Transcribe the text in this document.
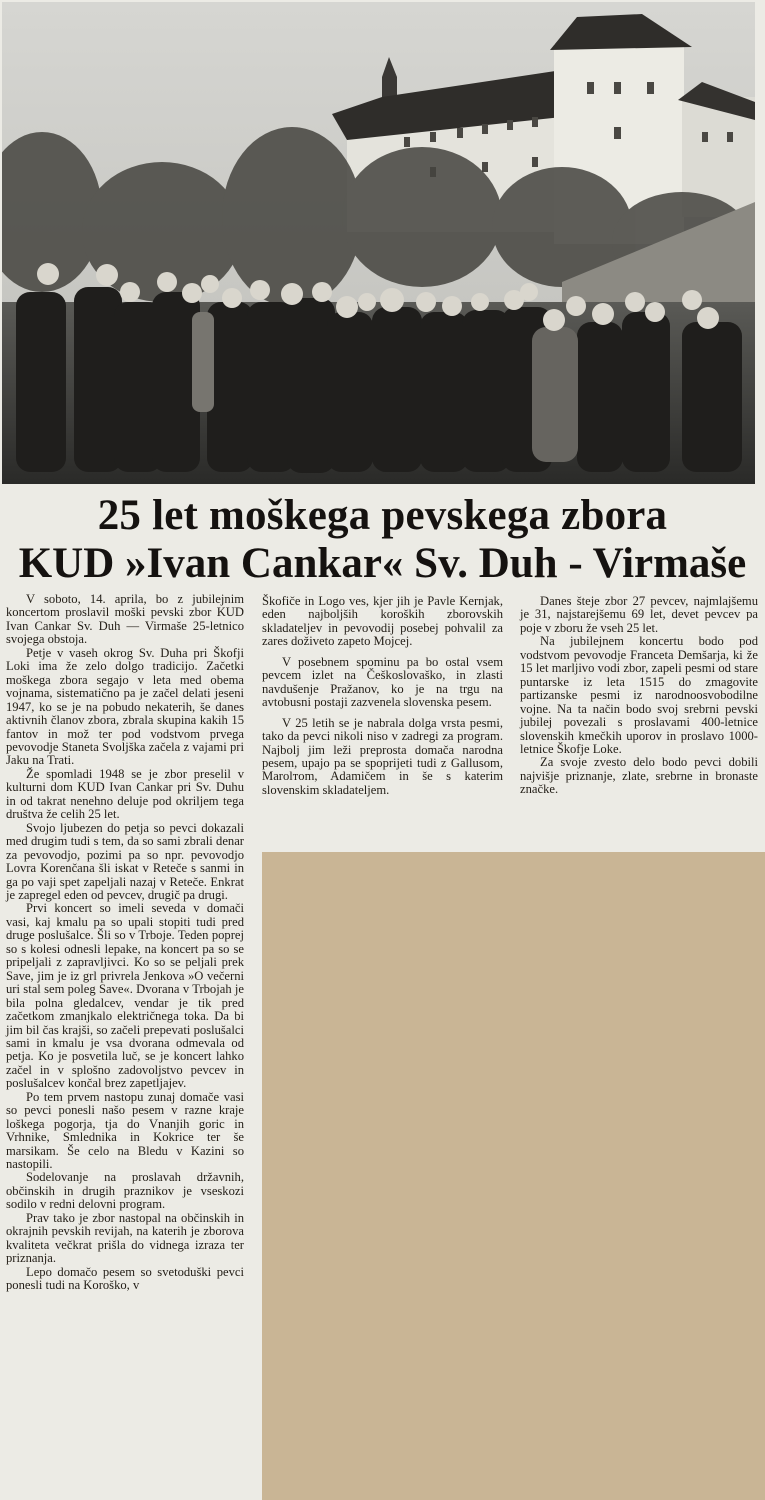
25 let moškega pevskega zbora
KUD »Ivan Cankar« Sv. Duh - Virmaše

V soboto, 14. aprila, bo z jubilejnim koncertom proslavil moški pevski zbor KUD Ivan Cankar Sv. Duh — Virmaše 25-letnico svojega obstoja.

Petje v vaseh okrog Sv. Duha pri Škofji Loki ima že zelo dolgo tradicijo. Začetki moškega zbora segajo v leta med obema vojnama, sistematično pa je začel delati jeseni 1947, ko se je na pobudo nekaterih, še danes aktivnih članov zbora, zbrala skupina kakih 15 fantov in mož ter pod vodstvom prvega pevovodje Staneta Svoljška začela z vajami pri Jaku na Trati.

Že spomladi 1948 se je zbor preselil v kulturni dom KUD Ivan Cankar pri Sv. Duhu in od takrat nenehno deluje pod okriljem tega društva že celih 25 let.

Svojo ljubezen do petja so pevci dokazali med drugim tudi s tem, da so sami zbrali denar za pevovodjo, pozimi pa so npr. pevovodjo Lovra Korenčana šli iskat v Reteče s sanmi in ga po vaji spet zapeljali nazaj v Reteče. Enkrat je zapregel eden od pevcev, drugič pa drugi.

Prvi koncert so imeli seveda v domači vasi, kaj kmalu pa so upali stopiti tudi pred druge poslušalce. Šli so v Trboje. Teden poprej so s kolesi odnesli lepake, na koncert pa so se pripeljali z zapravljivci. Ko so se peljali prek Save, jim je iz grl privrela Jenkova »O večerni uri stal sem poleg Save«. Dvorana v Trbojah je bila polna gledalcev, vendar je tik pred začetkom zmanjkalo električnega toka. Da bi jim bil čas krajši, so začeli prepevati poslušalci sami in kmalu je vsa dvorana odmevala od petja. Ko je posvetila luč, se je koncert lahko začel in v splošno zadovoljstvo pevcev in poslušalcev končal brez zapetljajev.

Po tem prvem nastopu zunaj domače vasi so pevci ponesli našo pesem v razne kraje loškega pogorja, tja do Vnanjih goric in Vrhnike, Smlednika in Kokrice ter še marsikam. Še celo na Bledu v Kazini so nastopili.

Sodelovanje na proslavah državnih, občinskih in drugih praznikov je vseskozi sodilo v redni delovni program.

Prav tako je zbor nastopal na občinskih in okrajnih pevskih revijah, na katerih je zborova kvaliteta večkrat prišla do vidnega izraza ter priznanja.

Lepo domačo pesem so svetoduški pevci ponesli tudi na Koroško, v

Škofiče in Logo ves, kjer jih je Pavle Kernjak, eden najboljših koroških zborovskih skladateljev in pevovodij posebej pohvalil za zares doživeto zapeto Mojcej.

V posebnem spominu pa bo ostal vsem pevcem izlet na Češkoslovaško, in zlasti navdušenje Pražanov, ko je na trgu na avtobusni postaji zazvenela slovenska pesem.

V 25 letih se je nabrala dolga vrsta pesmi, tako da pevci nikoli niso v zadregi za program. Najbolj jim leži preprosta domača narodna pesem, upajo pa se spoprijeti tudi z Gallusom, Marolтom, Adamičem in še s katerim slovenskim skladateljem.

Danes šteje zbor 27 pevcev, najmlajšemu je 31, najstarejšemu 69 let, devet pevcev pa poje v zboru že vseh 25 let.

Na jubilejnem koncertu bodo pod vodstvom pevovodje Franceta Demšarja, ki že 15 let marljivo vodi zbor, zapeli pesmi od stare puntarske iz leta 1515 do zmagovite partizanske pesmi iz narodnoosvobodilne vojne. Na ta način bodo svoj srebrni pevski jubilej povezali s proslavami 400-letnice slovenskih kmečkih uporov in proslavo 1000-letnice Škofje Loke.

Za svoje zvesto delo bodo pevci dobili najvišje priznanje, zlate, srebrne in bronaste značke.
